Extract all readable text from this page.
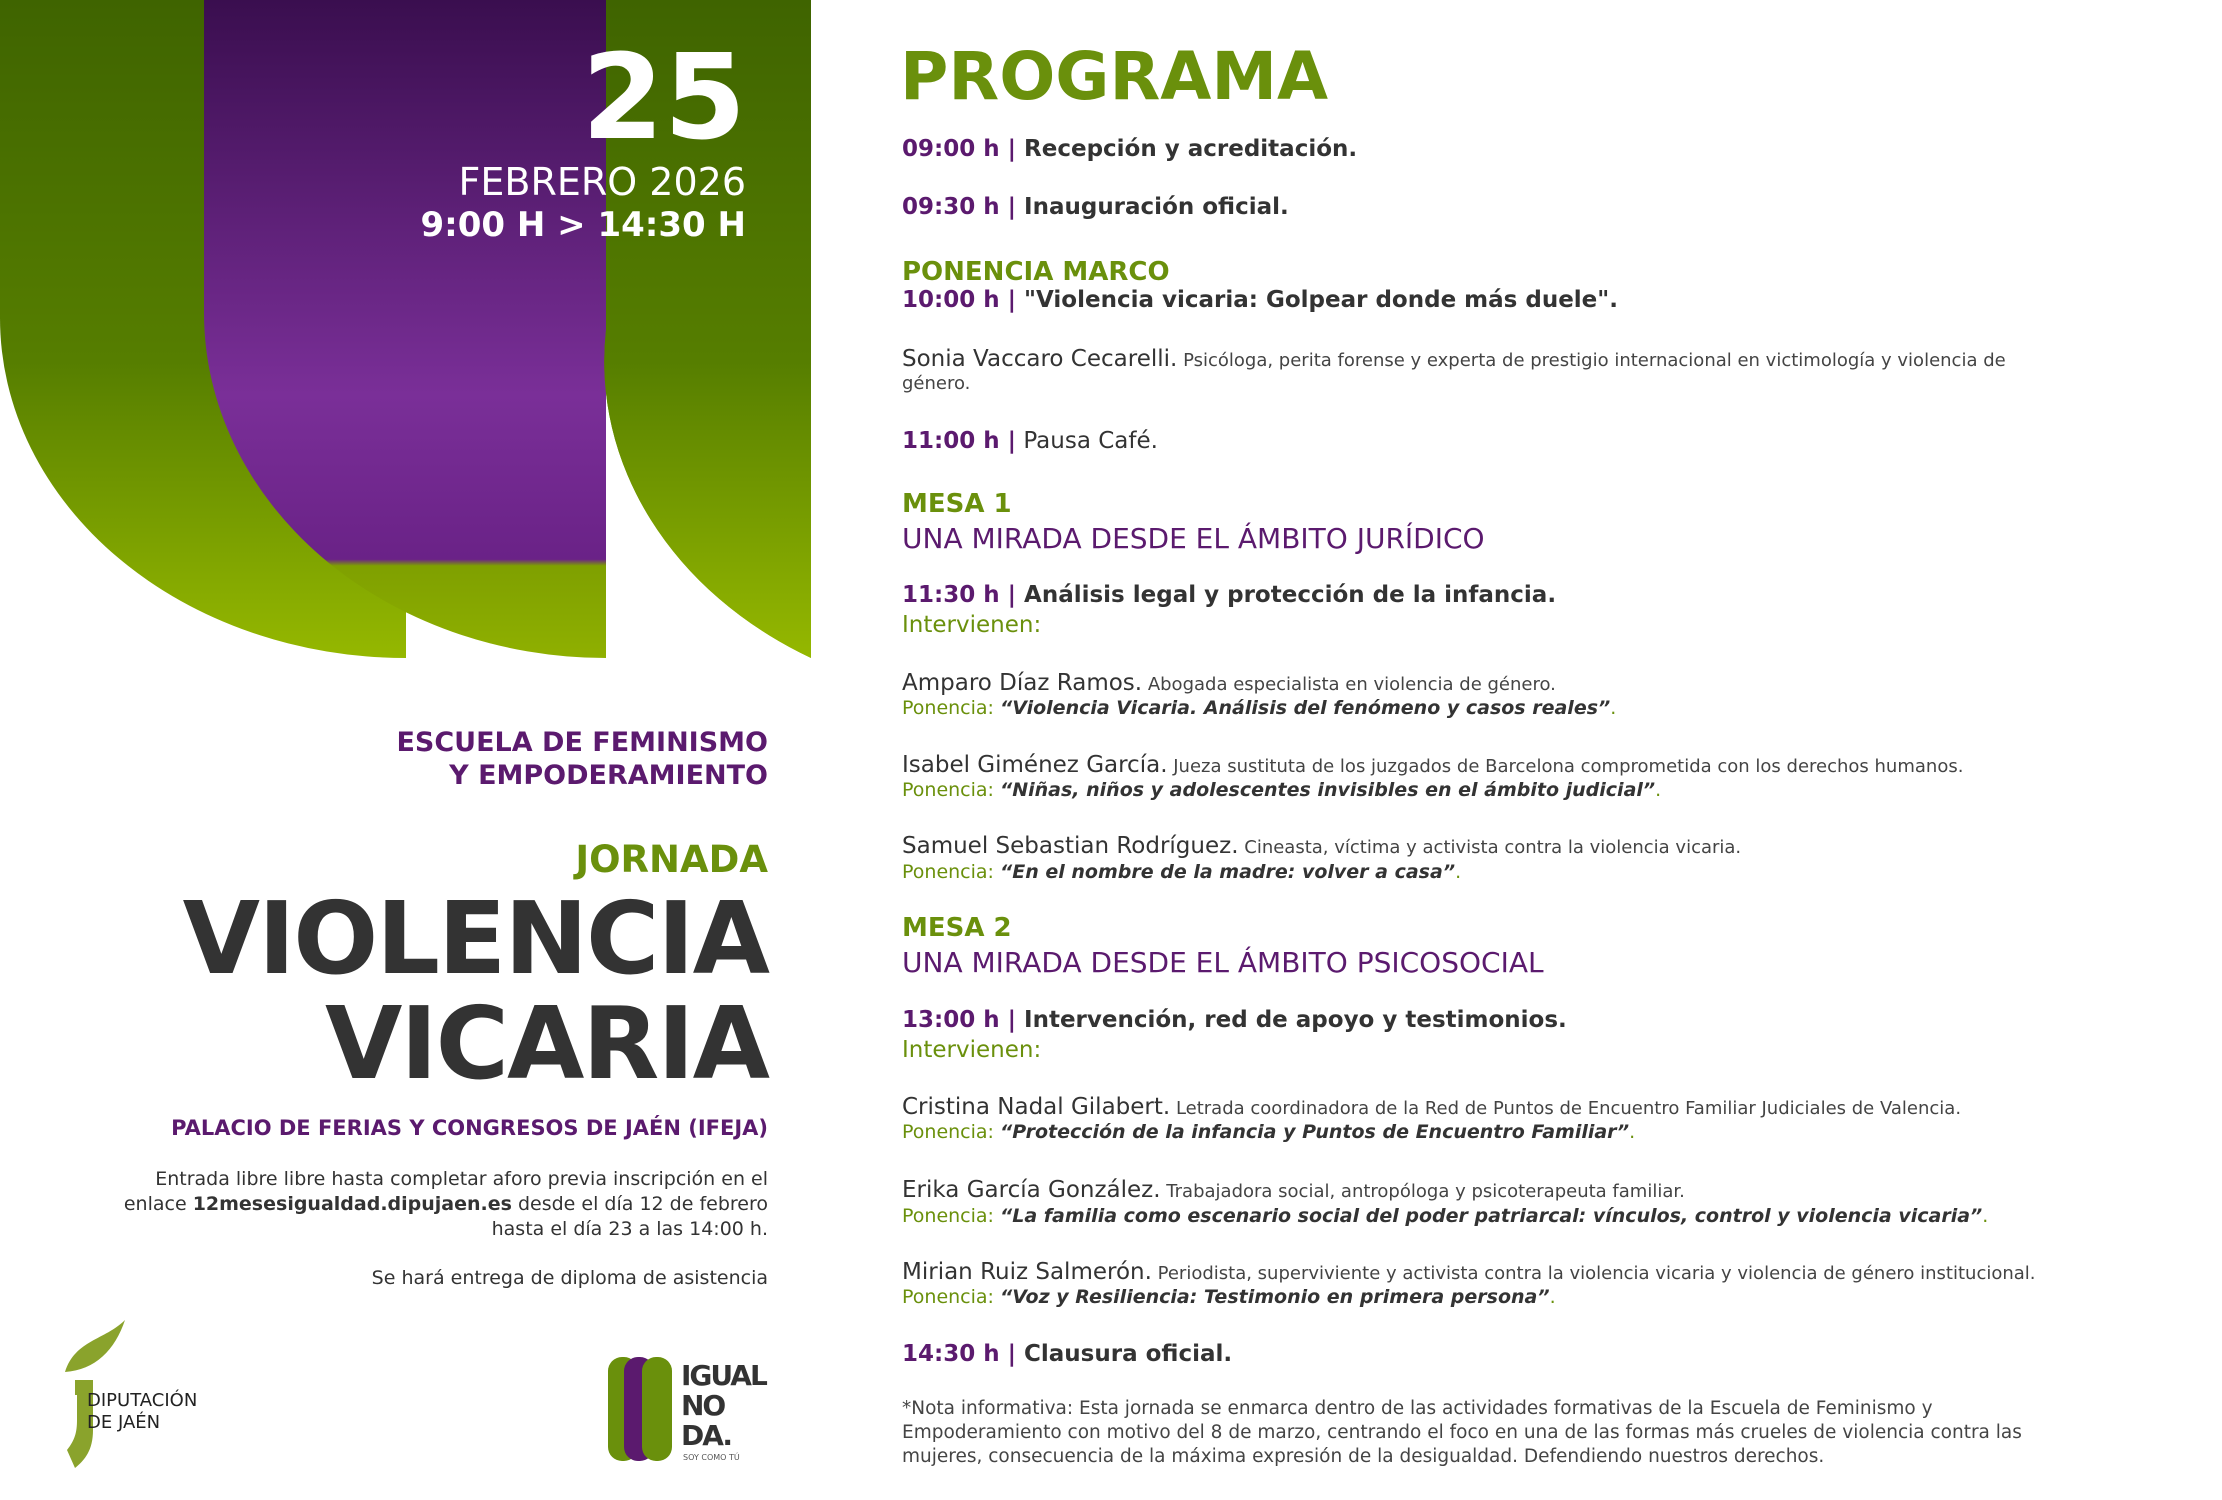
25
FEBRERO 2026
9:00 H > 14:30 H
ESCUELA DE FEMINISMO
Y EMPODERAMIENTO
JORNADA
VIOLENCIA
VICARIA
PALACIO DE FERIAS Y CONGRESOS DE JAÉN (IFEJA)
Entrada libre libre hasta completar aforo previa inscripción en el
enlace 12mesesigualdad.dipujaen.es desde el día 12 de febrero
hasta el día 23 a las 14:00 h.
Se hará entrega de diploma de asistencia
DIPUTACIÓN
DE JAÉN
IGUAL
NO
DA.
SOY COMO TÚ
PROGRAMA
09:00 h | Recepción y acreditación.
09:30 h | Inauguración oficial.
PONENCIA MARCO
10:00 h | "Violencia vicaria: Golpear donde más duele".
Sonia Vaccaro Cecarelli. Psicóloga, perita forense y experta de prestigio internacional en victimología y violencia de
género.
11:00 h | Pausa Café.
MESA 1
UNA MIRADA DESDE EL ÁMBITO JURÍDICO
11:30 h | Análisis legal y protección de la infancia.
Intervienen:
Amparo Díaz Ramos. Abogada especialista en violencia de género.
Ponencia: “Violencia Vicaria. Análisis del fenómeno y casos reales”.
Isabel Giménez García. Jueza sustituta de los juzgados de Barcelona comprometida con los derechos humanos.
Ponencia: “Niñas, niños y adolescentes invisibles en el ámbito judicial”.
Samuel Sebastian Rodríguez. Cineasta, víctima y activista contra la violencia vicaria.
Ponencia: “En el nombre de la madre: volver a casa”.
MESA 2
UNA MIRADA DESDE EL ÁMBITO PSICOSOCIAL
13:00 h | Intervención, red de apoyo y testimonios.
Intervienen:
Cristina Nadal Gilabert. Letrada coordinadora de la Red de Puntos de Encuentro Familiar Judiciales de Valencia.
Ponencia: “Protección de la infancia y Puntos de Encuentro Familiar”.
Erika García González. Trabajadora social, antropóloga y psicoterapeuta familiar.
Ponencia: “La familia como escenario social del poder patriarcal: vínculos, control y violencia vicaria”.
Mirian Ruiz Salmerón. Periodista, superviviente y activista contra la violencia vicaria y violencia de género institucional.
Ponencia: “Voz y Resiliencia: Testimonio en primera persona”.
14:30 h | Clausura oficial.
*Nota informativa: Esta jornada se enmarca dentro de las actividades formativas de la Escuela de Feminismo y
Empoderamiento con motivo del 8 de marzo, centrando el foco en una de las formas más crueles de violencia contra las
mujeres, consecuencia de la máxima expresión de la desigualdad. Defendiendo nuestros derechos.
